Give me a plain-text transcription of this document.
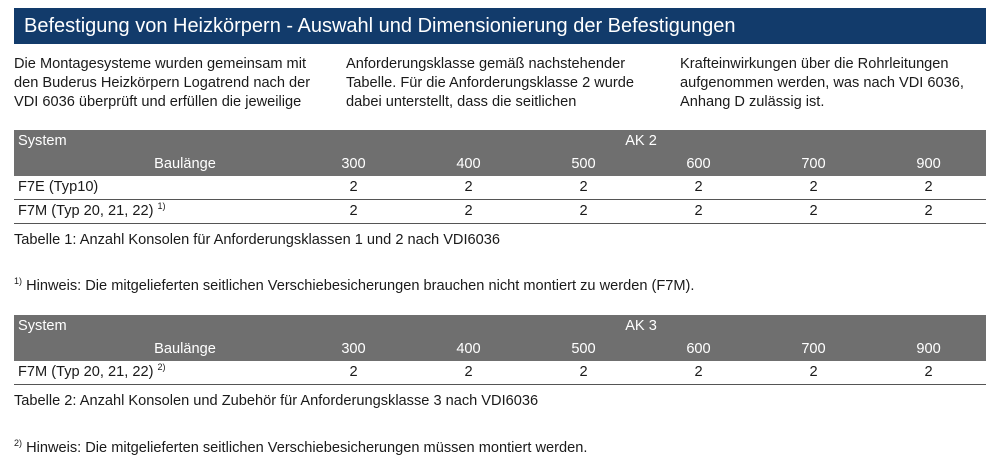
Befestigung von Heizkörpern - Auswahl und Dimensionierung der Befestigungen
Die Montagesysteme wurden gemeinsam mit
den Buderus Heizkörpern Logatrend nach der
VDI 6036 überprüft und erfüllen die jeweilige
Anforderungsklasse gemäß nachstehender
Tabelle. Für die Anforderungsklasse 2 wurde
dabei unterstellt, dass die seitlichen
Krafteinwirkungen über die Rohrleitungen
aufgenommen werden, was nach VDI 6036,
Anhang D zulässig ist.
System	AK 2					
Baulänge	300	400	500	600	700	900
F7E (Typ10)	2	2	2	2	2	2
F7M (Typ 20, 21, 22) $^{1)}$	2	2	2	2	2	2
Tabelle 1: Anzahl Konsolen für Anforderungsklassen 1 und 2 nach VDI6036
$^{1)}$ Hinweis: Die mitgelieferten seitlichen Verschiebesicherungen brauchen nicht montiert zu werden (F7M).
System	AK 3					
Baulänge	300	400	500	600	700	900
F7M (Typ 20, 21, 22) $^{2)}$	2	2	2	2	2	2
Tabelle 2: Anzahl Konsolen und Zubehör für Anforderungsklasse 3 nach VDI6036
$^{2)}$ Hinweis: Die mitgelieferten seitlichen Verschiebesicherungen müssen montiert werden.
